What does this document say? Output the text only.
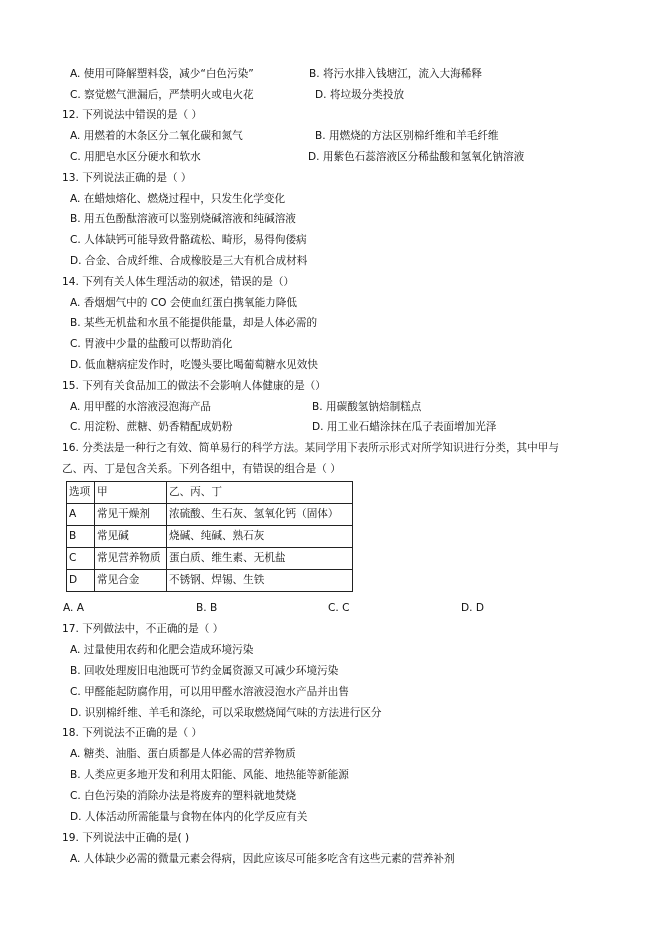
A. 使用可降解塑料袋，减少“白色污染”	B. 将污水排入钱塘江，流入大海稀释
C. 察觉燃气泄漏后，严禁明火或电火花	D. 将垃圾分类投放
12. 下列说法中错误的是（ ）
A. 用燃着的木条区分二氧化碳和氮气	B. 用燃烧的方法区别棉纤维和羊毛纤维
C. 用肥皂水区分硬水和软水	D. 用紫色石蕊溶液区分稀盐酸和氢氧化钠溶液
13. 下列说法正确的是（ ）
A. 在蜡烛熔化、燃烧过程中，只发生化学变化
B. 用五色酚酞溶液可以鉴别烧碱溶液和纯碱溶液
C. 人体缺钙可能导致骨骼疏松、畸形，易得佝偻病
D. 合金、合成纤维、合成橡胶是三大有机合成材料
14. 下列有关人体生理活动的叙述，错误的是（）
A. 香烟烟气中的 CO 会使血红蛋白携氧能力降低
B. 某些无机盐和水虽不能提供能量，却是人体必需的
C. 胃液中少量的盐酸可以帮助消化
D. 低血糖病症发作时，吃馒头要比喝葡萄糖水见效快
15. 下列有关食品加工的做法不会影响人体健康的是（）
A. 用甲醛的水溶液浸泡海产品	B. 用碳酸氢钠焙制糕点
C. 用淀粉、蔗糖、奶香精配成奶粉	D. 用工业石蜡涂抹在瓜子表面增加光泽
16. 分类法是一种行之有效、简单易行的科学方法。某同学用下表所示形式对所学知识进行分类，其中甲与
乙、丙、丁是包含关系。下列各组中，有错误的组合是（ ）
选项	甲	乙、丙、丁
A	常见干燥剂	浓硫酸、生石灰、氢氧化钙（固体）
B	常见碱	烧碱、纯碱、熟石灰
C	常见营养物质	蛋白质、维生素、无机盐
D	常见合金	不锈钢、焊锡、生铁
A. A	B. B	C. C	D. D
17. 下列做法中，不正确的是（ ）
A. 过量使用农药和化肥会造成环境污染
B. 回收处理废旧电池既可节约金属资源又可减少环境污染
C. 甲醛能起防腐作用，可以用甲醛水溶液浸泡水产品并出售
D. 识别棉纤维、羊毛和涤纶，可以采取燃烧闻气味的方法进行区分
18. 下列说法不正确的是（ ）
A. 糖类、油脂、蛋白质都是人体必需的营养物质
B. 人类应更多地开发和利用太阳能、风能、地热能等新能源
C. 白色污染的消除办法是将废弃的塑料就地焚烧
D. 人体活动所需能量与食物在体内的化学反应有关
19. 下列说法中正确的是( )
A. 人体缺少必需的微量元素会得病，因此应该尽可能多吃含有这些元素的营养补剂
